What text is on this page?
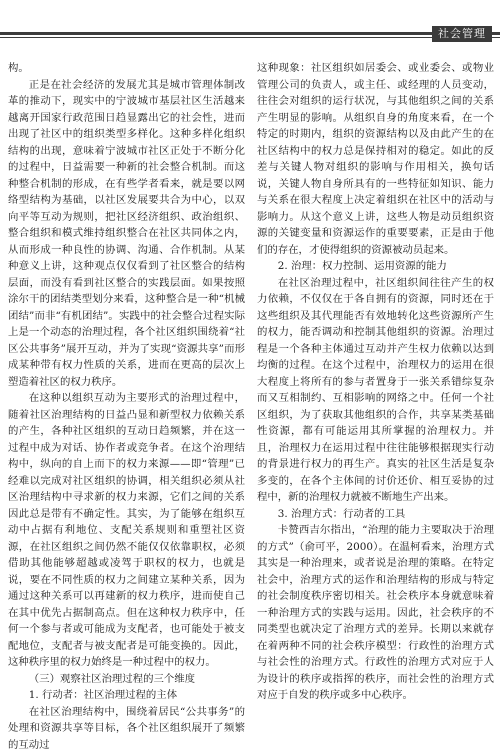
社会管理

构。

正是在社会经济的发展尤其是城市管理体制改革的推动下，现实中的宁波城市基层社区生活越来越离开国家行政范围日趋显露出它的社会性，进而出现了社区中的组织类型多样化。这种多样化组织结构的出现，意味着宁波城市社区正处于不断分化的过程中，日益需要一种新的社会整合机制。而这种整合机制的形成，在有些学者看来，就是要以网络型结构为基础，以社区发展要共合为中心，以双向平等互动为规则，把社区经济组织、政治组织、整合组织和模式维持组织整合在社区共同体之内，从而形成一种良性的协调、沟通、合作机制。从某种意义上讲，这种观点仅仅看到了社区整合的结构层面，而没有看到社区整合的实践层面。如果按照涂尔干的团结类型划分来看，这种整合是一种“机械团结”而非“有机团结”。实践中的社会整合过程实际上是一个动态的治理过程，各个社区组织围绕着“社区公共事务”展开互动，并为了实现“资源共享”而形成某种带有权力性质的关系，进而在更高的层次上塑造着社区的权力秩序。

在这种以组织互动为主要形式的治理过程中，随着社区治理结构的日益凸显和新型权力依赖关系的产生，各种社区组织的互动日趋频繁，并在这一过程中成为对话、协作者或竞争者。在这个治理结构中，纵向的自上而下的权力来源——即“管理”已经难以完成对社区组织的协调，相关组织必须从社区治理结构中寻求新的权力来源，它们之间的关系因此总是带有不确定性。其实，为了能够在组织互动中占据有利地位、支配关系规则和重塑社区资源，在社区组织之间仍然不能仅仅依靠职权，必须借助其他能够超越或凌驾于职权的权力，也就是说，要在不同性质的权力之间建立某种关系，因为通过这种关系可以再建新的权力秩序，进而使自己在其中优先占据制高点。但在这种权力秩序中，任何一个参与者或可能成为支配者，也可能处于被支配地位，支配者与被支配者是可能变换的。因此，这种秩序里的权力始终是一种过程中的权力。

（三）观察社区治理过程的三个维度

1. 行动者：社区治理过程的主体

在社区治理结构中，围绕着居民“公共事务”的处理和资源共享等目标，各个社区组织展开了频繁的互动过

这种现象：社区组织如居委会、或业委会、或物业管理公司的负责人，或主任、或经理的人员变动，往往会对组织的运行状况，与其他组织之间的关系产生明显的影响。从组织自身的角度来看，在一个特定的时期内，组织的资源结构以及由此产生的在社区结构中的权力总是保持相对的稳定。如此的反差与关键人物对组织的影响与作用相关，换句话说，关键人物自身所具有的一些特征如知识、能力与关系在很大程度上决定着组织在社区中的活动与影响力。从这个意义上讲，这些人物是动员组织资源的关键变量和资源运作的重要要素，正是由于他们的存在，才使得组织的资源被动员起来。

2. 治理：权力控制、运用资源的能力

在社区治理过程中，社区组织间往往产生的权力依赖，不仅仅在于各自拥有的资源，同时还在于这些组织及其代理能否有效地转化这些资源所产生的权力，能否调动和控制其他组织的资源。治理过程是一个各种主体通过互动并产生权力依赖以达到均衡的过程。在这个过程中，治理权力的运用在很大程度上将所有的参与者置身于一张关系错综复杂而又互相制约、互相影响的网络之中。任何一个社区组织，为了获取其他组织的合作，共享某类基础性资源，都有可能运用其所掌握的治理权力。并且，治理权力在运用过程中往往能够根据现实行动的背景进行权力的再生产。真实的社区生活是复杂多变的，在各个主体间的讨价还价、相互妥协的过程中，新的治理权力就被不断地生产出来。

3. 治理方式：行动者的工具

卡赞西吉尔指出，“治理的能力主要取决于治理的方式”（俞可平，2000）。在温柯看来，治理方式其实是一种治理来，或者说是治理的策略。在特定社会中，治理方式的运作和治理结构的形成与特定的社会制度秩序密切相关。社会秩序本身就意味着一种治理方式的实践与运用。因此，社会秩序的不同类型也就决定了治理方式的差异。长期以来就存在着两种不同的社会秩序模型：行政性的治理方式与社会性的治理方式。行政性的治理方式对应于人为设计的秩序或指挥的秩序，而社会性的治理方式对应于自发的秩序或多中心秩序。
